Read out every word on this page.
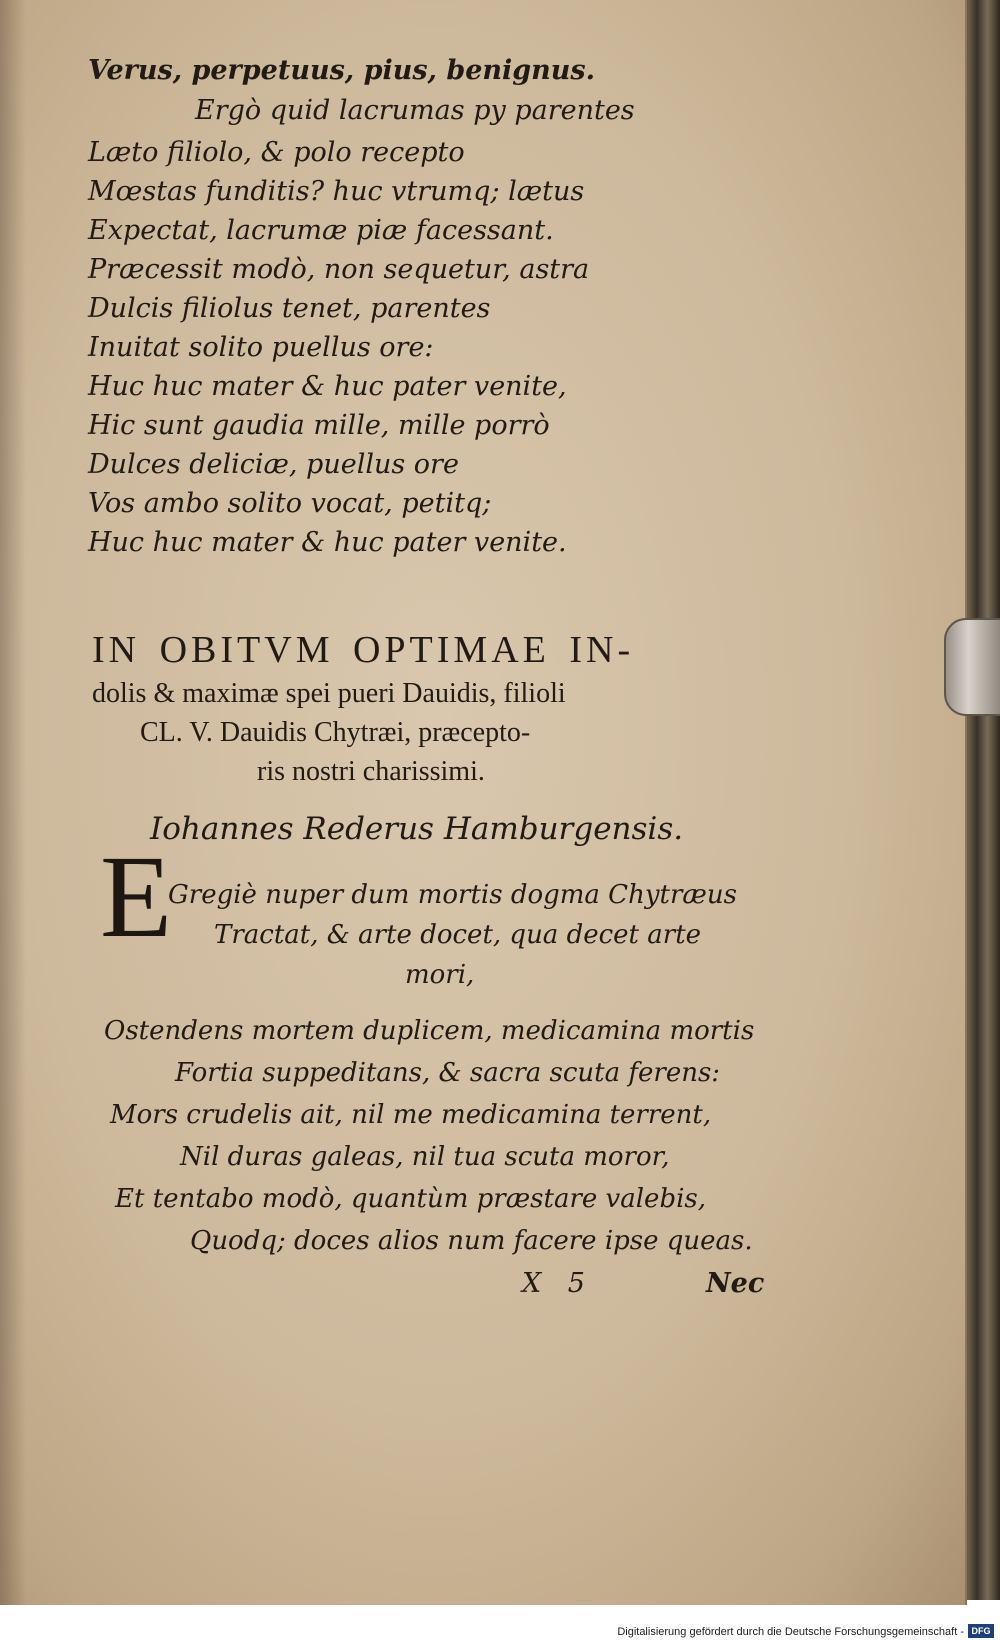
Verus, perpetuus, pius, benignus.
Ergò quid lacrumas py parentes
Læto filiolo, & polo recepto
Mœstas funditis? huc vtrumq; lætus
Expectat, lacrumæ piæ facessant.
Præcessit modò, non sequetur, astra
Dulcis filiolus tenet, parentes
Inuitat solito puellus ore:
Huc huc mater & huc pater venite,
Hic sunt gaudia mille, mille porrò
Dulces deliciæ, puellus ore
Vos ambo solito vocat, petitq;
Huc huc mater & huc pater venite.
IN OBITVM OPTIMAE IN-
dolis & maximæ spei pueri Dauidis, filioli
CL. V. Dauidis Chytræi, præcepto-
ris nostri charissimi.
Iohannes Rederus Hamburgensis.
E
Gregiè nuper dum mortis dogma Chytræus
Tractat, & arte docet, qua decet arte
mori,
Ostendens mortem duplicem, medicamina mortis
Fortia suppeditans, & sacra scuta ferens:
Mors crudelis ait, nil me medicamina terrent,
Nil duras galeas, nil tua scuta moror,
Et tentabo modò, quantùm præstare valebis,
Quodq; doces alios num facere ipse queas.
X 5	Nec
Digitalisierung gefördert durch die Deutsche Forschungsgemeinschaft - DFG
